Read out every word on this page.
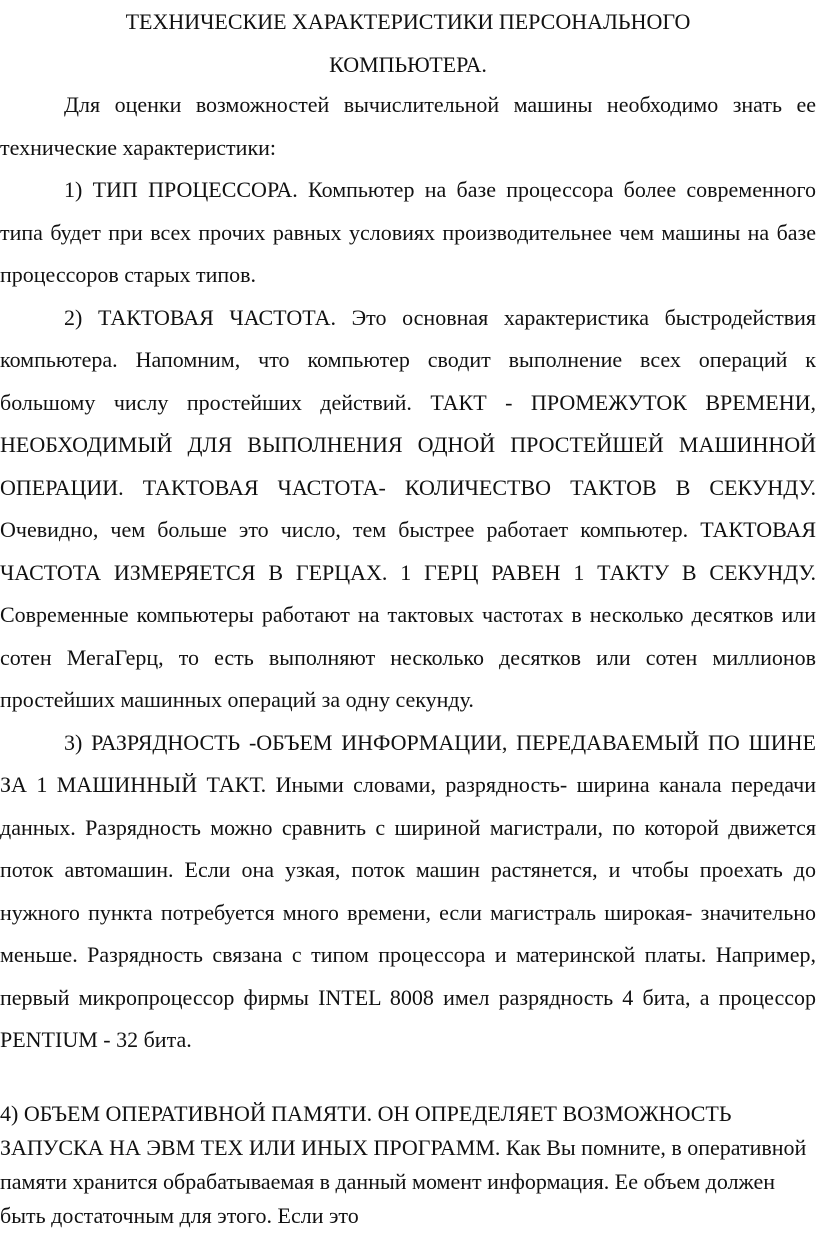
ТЕХНИЧЕСКИЕ ХАРАКТЕРИСТИКИ ПЕРСОНАЛЬНОГО
КОМПЬЮТЕРА.

Для оценки возможностей вычислительной машины необходимо знать ее технические характеристики:

1) ТИП ПРОЦЕССОРА. Компьютер на базе процессора более современного типа будет при всех прочих равных условиях производительнее чем машины на базе процессоров старых типов.

2) ТАКТОВАЯ ЧАСТОТА. Это основная характеристика быстродействия компьютера. Напомним, что компьютер сводит выполнение всех операций к большому числу простейших действий. ТАКТ - ПРОМЕЖУТОК ВРЕМЕНИ, НЕОБХОДИМЫЙ ДЛЯ ВЫПОЛНЕНИЯ ОДНОЙ ПРОСТЕЙШЕЙ МАШИННОЙ ОПЕРАЦИИ. ТАКТОВАЯ ЧАСТОТА- КОЛИЧЕСТВО ТАКТОВ В СЕКУНДУ. Очевидно, чем больше это число, тем быстрее работает компьютер. ТАКТОВАЯ ЧАСТОТА ИЗМЕРЯЕТСЯ В ГЕРЦАХ. 1 ГЕРЦ РАВЕН 1 ТАКТУ В СЕКУНДУ. Современные компьютеры работают на тактовых частотах в несколько десятков или сотен МегаГерц, то есть выполняют несколько десятков или сотен миллионов простейших машинных операций за одну секунду.

3) РАЗРЯДНОСТЬ -ОБЪЕМ ИНФОРМАЦИИ, ПЕРЕДАВАЕМЫЙ ПО ШИНЕ ЗА 1 МАШИННЫЙ ТАКТ. Иными словами, разрядность- ширина канала передачи данных. Разрядность можно сравнить с шириной магистрали, по которой движется поток автомашин. Если она узкая, поток машин растянется, и чтобы проехать до нужного пункта потребуется много времени, если магистраль широкая- значительно меньше. Разрядность связана с типом процессора и материнской платы. Например, первый микропроцессор фирмы INTEL 8008 имел разрядность 4 бита, а процессор PENTIUM - 32 бита.

4) ОБЪЕМ ОПЕРАТИВНОЙ ПАМЯТИ. ОН ОПРЕДЕЛЯЕТ ВОЗМОЖНОСТЬ ЗАПУСКА НА ЭВМ ТЕХ ИЛИ ИНЫХ ПРОГРАММ. Как Вы помните, в оперативной памяти хранится обрабатываемая в данный момент информация. Ее объем должен быть достаточным для этого. Если это
